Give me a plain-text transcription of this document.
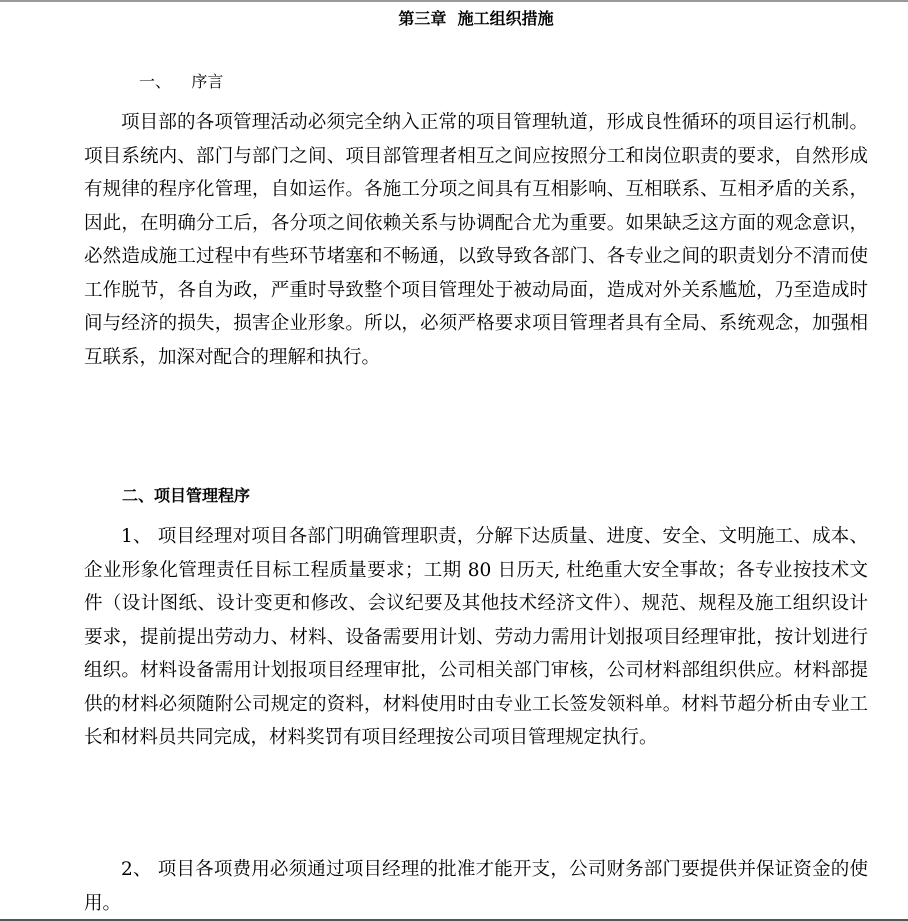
第三章  施工组织措施
一、    序言

项目部的各项管理活动必须完全纳入正常的项目管理轨道，形成良性循环的项目运行机制。项目系统内、部门与部门之间、项目部管理者相互之间应按照分工和岗位职责的要求，自然形成有规律的程序化管理，自如运作。各施工分项之间具有互相影响、互相联系、互相矛盾的关系，因此，在明确分工后，各分项之间依赖关系与协调配合尤为重要。如果缺乏这方面的观念意识，必然造成施工过程中有些环节堵塞和不畅通，以致导致各部门、各专业之间的职责划分不清而使工作脱节，各自为政，严重时导致整个项目管理处于被动局面，造成对外关系尴尬，乃至造成时间与经济的损失，损害企业形象。所以，必须严格要求项目管理者具有全局、系统观念，加强相互联系，加深对配合的理解和执行。

二、项目管理程序

1、 项目经理对项目各部门明确管理职责，分解下达质量、进度、安全、文明施工、成本、企业形象化管理责任目标工程质量要求；工期 80 日历天, 杜绝重大安全事故；各专业按技术文件（设计图纸、设计变更和修改、会议纪要及其他技术经济文件）、规范、规程及施工组织设计要求，提前提出劳动力、材料、设备需要用计划、劳动力需用计划报项目经理审批，按计划进行组织。材料设备需用计划报项目经理审批，公司相关部门审核，公司材料部组织供应。材料部提供的材料必须随附公司规定的资料，材料使用时由专业工长签发领料单。材料节超分析由专业工长和材料员共同完成，材料奖罚有项目经理按公司项目管理规定执行。

2、 项目各项费用必须通过项目经理的批准才能开支，公司财务部门要提供并保证资金的使用。
